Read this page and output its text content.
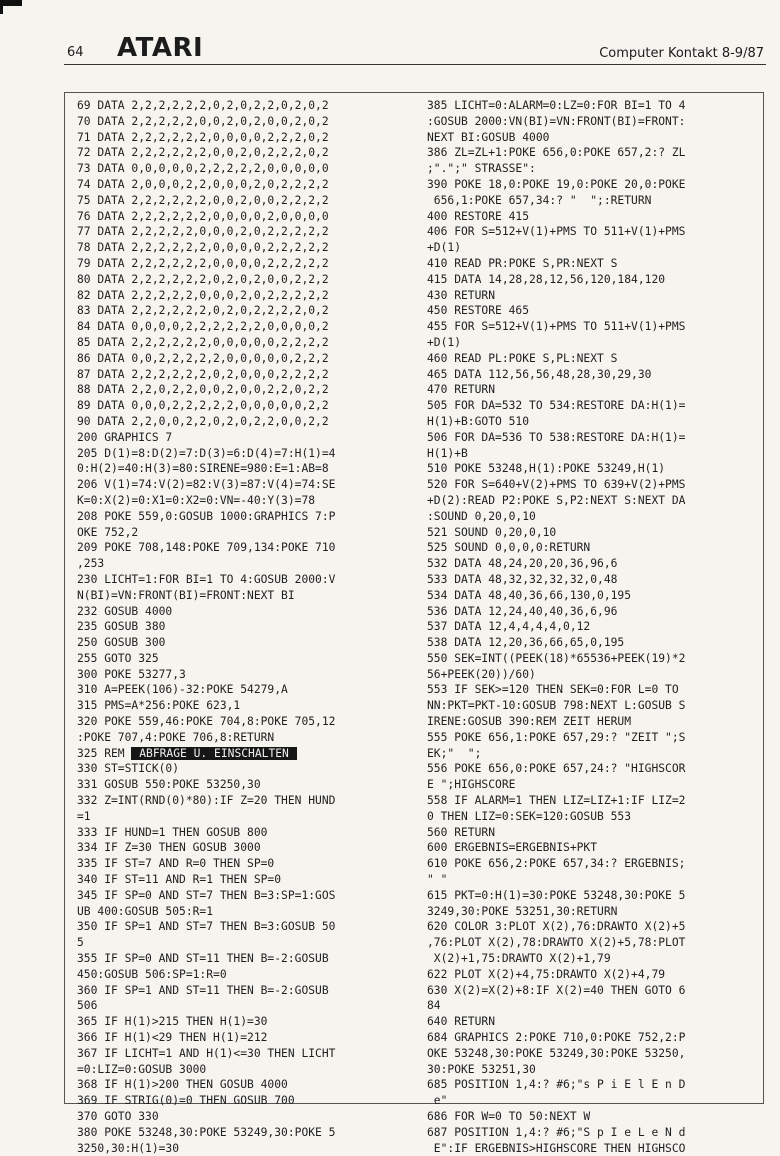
64 ATARI	Computer Kontakt 8-9/87
69 DATA 2,2,2,2,2,2,0,2,0,2,2,0,2,0,2
70 DATA 2,2,2,2,2,0,0,2,0,2,0,0,2,0,2
71 DATA 2,2,2,2,2,2,0,0,0,0,2,2,2,0,2
72 DATA 2,2,2,2,2,2,0,0,2,0,2,2,2,0,2
73 DATA 0,0,0,0,0,2,2,2,2,2,0,0,0,0,0
74 DATA 2,0,0,0,2,2,0,0,0,2,0,2,2,2,2
75 DATA 2,2,2,2,2,2,0,0,2,0,0,2,2,2,2
76 DATA 2,2,2,2,2,2,0,0,0,0,2,0,0,0,0
77 DATA 2,2,2,2,2,0,0,0,2,0,2,2,2,2,2
78 DATA 2,2,2,2,2,2,0,0,0,0,2,2,2,2,2
79 DATA 2,2,2,2,2,2,0,0,0,0,2,2,2,2,2
80 DATA 2,2,2,2,2,2,0,2,0,2,0,0,2,2,2
82 DATA 2,2,2,2,2,0,0,0,2,0,2,2,2,2,2
83 DATA 2,2,2,2,2,2,0,2,0,2,2,2,2,0,2
84 DATA 0,0,0,0,2,2,2,2,2,2,0,0,0,0,2
85 DATA 2,2,2,2,2,2,0,0,0,0,0,2,2,2,2
86 DATA 0,0,2,2,2,2,2,0,0,0,0,0,2,2,2
87 DATA 2,2,2,2,2,2,0,2,0,0,0,2,2,2,2
88 DATA 2,2,0,2,2,0,0,2,0,0,2,2,0,2,2
89 DATA 0,0,0,2,2,2,2,2,0,0,0,0,0,2,2
90 DATA 2,2,0,0,2,2,0,2,0,2,2,0,0,2,2
200 GRAPHICS 7
205 D(1)=8:D(2)=7:D(3)=6:D(4)=7:H(1)=4
0:H(2)=40:H(3)=80:SIRENE=980:E=1:AB=8
206 V(1)=74:V(2)=82:V(3)=87:V(4)=74:SE
K=0:X(2)=0:X1=0:X2=0:VN=-40:Y(3)=78
208 POKE 559,0:GOSUB 1000:GRAPHICS 7:P
OKE 752,2
209 POKE 708,148:POKE 709,134:POKE 710
,253
230 LICHT=1:FOR BI=1 TO 4:GOSUB 2000:V
N(BI)=VN:FRONT(BI)=FRONT:NEXT BI
232 GOSUB 4000
235 GOSUB 380
250 GOSUB 300
255 GOTO 325
300 POKE 53277,3
310 A=PEEK(106)-32:POKE 54279,A
315 PMS=A*256:POKE 623,1
320 POKE 559,46:POKE 704,8:POKE 705,12
:POKE 707,4:POKE 706,8:RETURN
325 REM  ABFRAGE U. EINSCHALTEN
330 ST=STICK(0)
331 GOSUB 550:POKE 53250,30
332 Z=INT(RND(0)*80):IF Z=20 THEN HUND
=1
333 IF HUND=1 THEN GOSUB 800
334 IF Z=30 THEN GOSUB 3000
335 IF ST=7 AND R=0 THEN SP=0
340 IF ST=11 AND R=1 THEN SP=0
345 IF SP=0 AND ST=7 THEN B=3:SP=1:GOS
UB 400:GOSUB 505:R=1
350 IF SP=1 AND ST=7 THEN B=3:GOSUB 50
5
355 IF SP=0 AND ST=11 THEN B=-2:GOSUB
450:GOSUB 506:SP=1:R=0
360 IF SP=1 AND ST=11 THEN B=-2:GOSUB
506
365 IF H(1)>215 THEN H(1)=30
366 IF H(1)<29 THEN H(1)=212
367 IF LICHT=1 AND H(1)<=30 THEN LICHT
=0:LIZ=0:GOSUB 3000
368 IF H(1)>200 THEN GOSUB 4000
369 IF STRIG(0)=0 THEN GOSUB 700
370 GOTO 330
380 POKE 53248,30:POKE 53249,30:POKE 5
3250,30:H(1)=30
385 LICHT=0:ALARM=0:LZ=0:FOR BI=1 TO 4
:GOSUB 2000:VN(BI)=VN:FRONT(BI)=FRONT:
NEXT BI:GOSUB 4000
386 ZL=ZL+1:POKE 656,0:POKE 657,2:? ZL
;".";" STRASSE":
390 POKE 18,0:POKE 19,0:POKE 20,0:POKE
656,1:POKE 657,34:? "  ";:RETURN
400 RESTORE 415
406 FOR S=512+V(1)+PMS TO 511+V(1)+PMS
+D(1)
410 READ PR:POKE S,PR:NEXT S
415 DATA 14,28,28,12,56,120,184,120
430 RETURN
450 RESTORE 465
455 FOR S=512+V(1)+PMS TO 511+V(1)+PMS
+D(1)
460 READ PL:POKE S,PL:NEXT S
465 DATA 112,56,56,48,28,30,29,30
470 RETURN
505 FOR DA=532 TO 534:RESTORE DA:H(1)=
H(1)+B:GOTO 510
506 FOR DA=536 TO 538:RESTORE DA:H(1)=
H(1)+B
510 POKE 53248,H(1):POKE 53249,H(1)
520 FOR S=640+V(2)+PMS TO 639+V(2)+PMS
+D(2):READ P2:POKE S,P2:NEXT S:NEXT DA
:SOUND 0,20,0,10
521 SOUND 0,20,0,10
525 SOUND 0,0,0,0:RETURN
532 DATA 48,24,20,20,36,96,6
533 DATA 48,32,32,32,32,0,48
534 DATA 48,40,36,66,130,0,195
536 DATA 12,24,40,40,36,6,96
537 DATA 12,4,4,4,4,0,12
538 DATA 12,20,36,66,65,0,195
550 SEK=INT((PEEK(18)*65536+PEEK(19)*2
56+PEEK(20))/60)
553 IF SEK>=120 THEN SEK=0:FOR L=0 TO
NN:PKT=PKT-10:GOSUB 798:NEXT L:GOSUB S
IRENE:GOSUB 390:REM ZEIT HERUM
555 POKE 656,1:POKE 657,29:? "ZEIT ";S
EK;"  ";
556 POKE 656,0:POKE 657,24:? "HIGHSCOR
E ";HIGHSCORE
558 IF ALARM=1 THEN LIZ=LIZ+1:IF LIZ=2
0 THEN LIZ=0:SEK=120:GOSUB 553
560 RETURN
600 ERGEBNIS=ERGEBNIS+PKT
610 POKE 656,2:POKE 657,34:? ERGEBNIS;
" "
615 PKT=0:H(1)=30:POKE 53248,30:POKE 5
3249,30:POKE 53251,30:RETURN
620 COLOR 3:PLOT X(2),76:DRAWTO X(2)+5
,76:PLOT X(2),78:DRAWTO X(2)+5,78:PLOT
X(2)+1,75:DRAWTO X(2)+1,79
622 PLOT X(2)+4,75:DRAWTO X(2)+4,79
630 X(2)=X(2)+8:IF X(2)=40 THEN GOTO 6
84
640 RETURN
684 GRAPHICS 2:POKE 710,0:POKE 752,2:P
OKE 53248,30:POKE 53249,30:POKE 53250,
30:POKE 53251,30
685 POSITION 1,4:? #6;"s P i E l E n D
e"
686 FOR W=0 TO 50:NEXT W
687 POSITION 1,4:? #6;"S p I e L e N d
E":IF ERGEBNIS>HIGHSCORE THEN HIGHSCO
